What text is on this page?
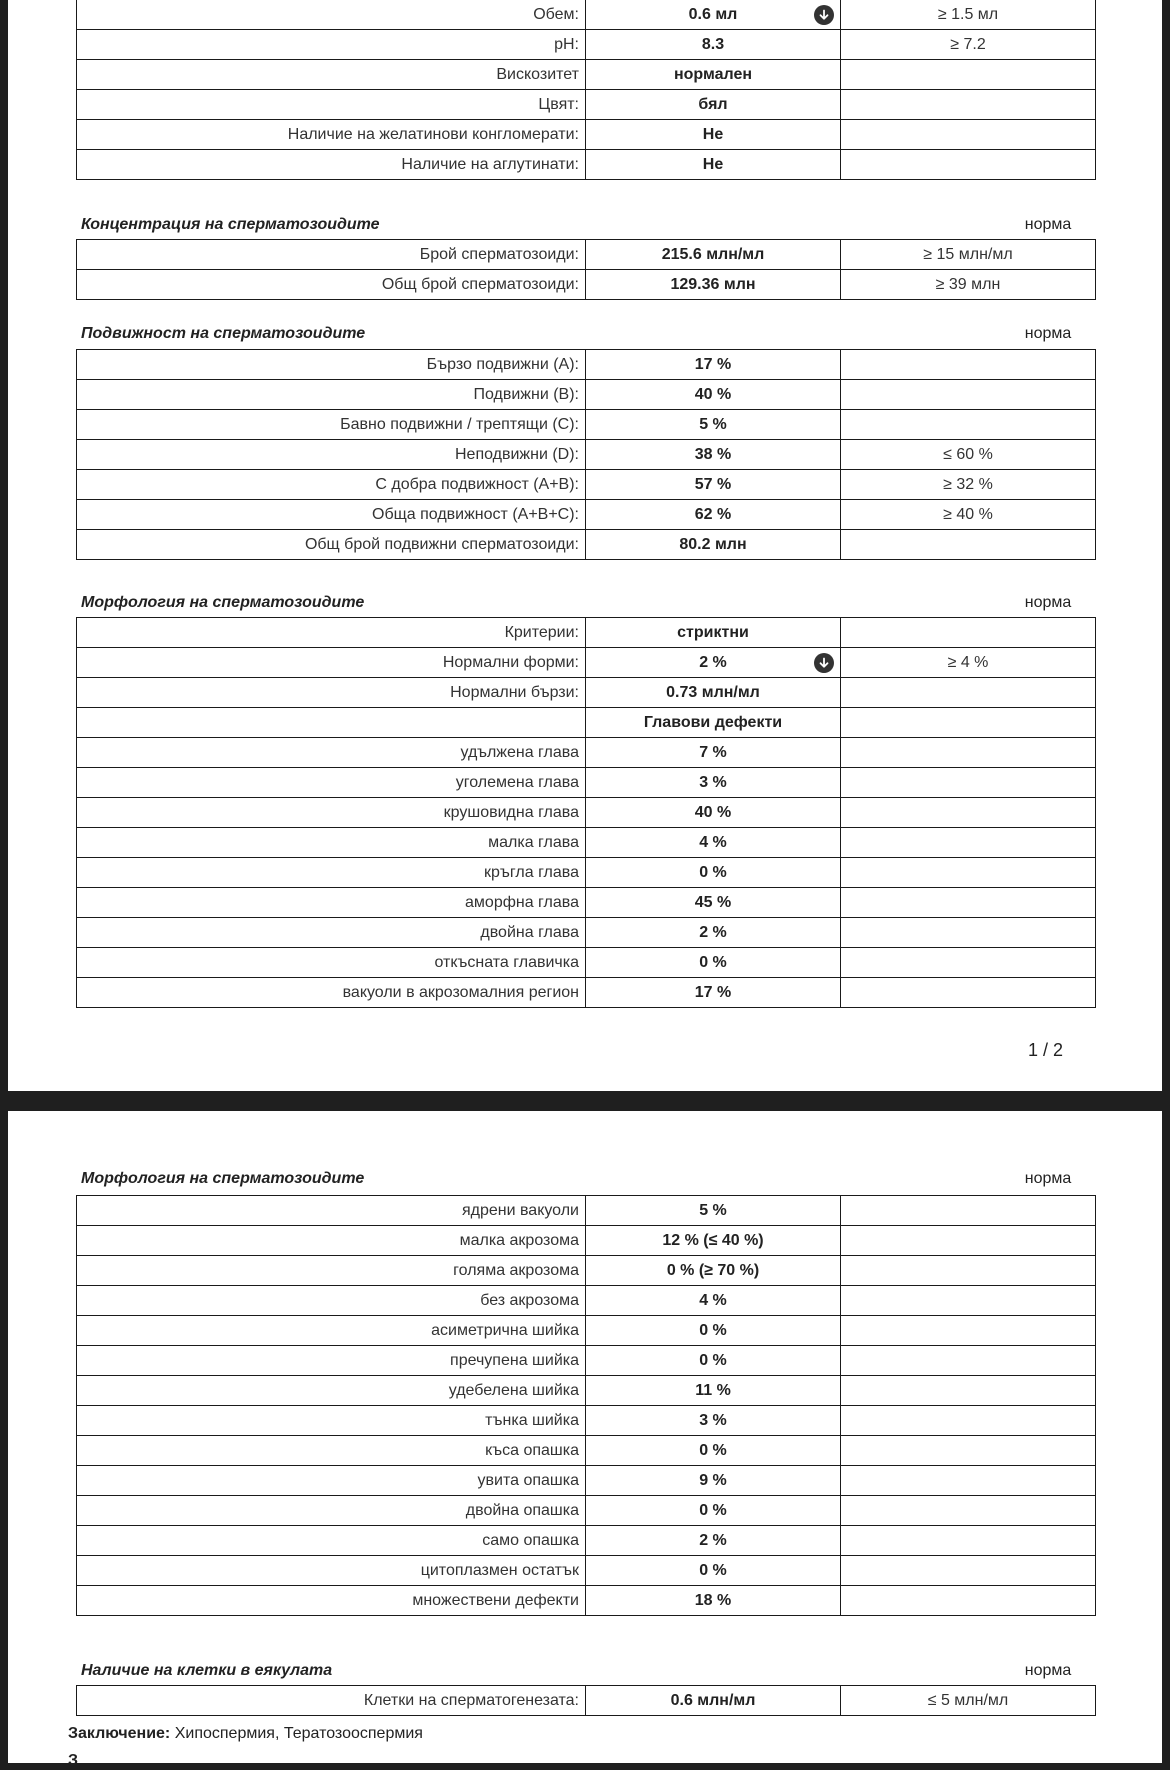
Обем:	0.6 мл	≥ 1.5 мл
pH:	8.3	≥ 7.2
Вискозитет	нормален	
Цвят:	бял	
Наличие на желатинови конгломерати:	Не	
Наличие на аглутинати:	Не	
Концентрация на сперматозоидите	норма
Брой сперматозоиди:	215.6 млн/мл	≥ 15 млн/мл
Общ брой сперматозоиди:	129.36 млн	≥ 39 млн
Подвижност на сперматозоидите	норма
Бързо подвижни (A):	17 %	
Подвижни (B):	40 %	
Бавно подвижни / трептящи (C):	5 %	
Неподвижни (D):	38 %	≤ 60 %
С добра подвижност (A+B):	57 %	≥ 32 %
Обща подвижност (A+B+C):	62 %	≥ 40 %
Общ брой подвижни сперматозоиди:	80.2 млн	
Морфология на сперматозоидите	норма
Критерии:	стриктни	
Нормални форми:	2 %	≥ 4 %
Нормални бързи:	0.73 млн/мл	
	Главови дефекти	
удължена глава	7 %	
уголемена глава	3 %	
крушовидна глава	40 %	
малка глава	4 %	
кръгла глава	0 %	
аморфна глава	45 %	
двойна глава	2 %	
откъсната главичка	0 %	
вакуоли в акрозомалния регион	17 %	
1 / 2
Морфология на сперматозоидите	норма
ядрени вакуоли	5 %	
малка акрозома	12 % (≤ 40 %)	
голяма акрозома	0 % (≥ 70 %)	
без акрозома	4 %	
асиметрична шийка	0 %	
пречупена шийка	0 %	
удебелена шийка	11 %	
тънка шийка	3 %	
къса опашка	0 %	
увита опашка	9 %	
двойна опашка	0 %	
само опашка	2 %	
цитоплазмен остатък	0 %	
множествени дефекти	18 %	
Наличие на клетки в еякулата	норма
Клетки на сперматогенезата:	0.6 млн/мл	≤ 5 млн/мл
Заключение: Хипоспермия, Тератозооспермия
З
